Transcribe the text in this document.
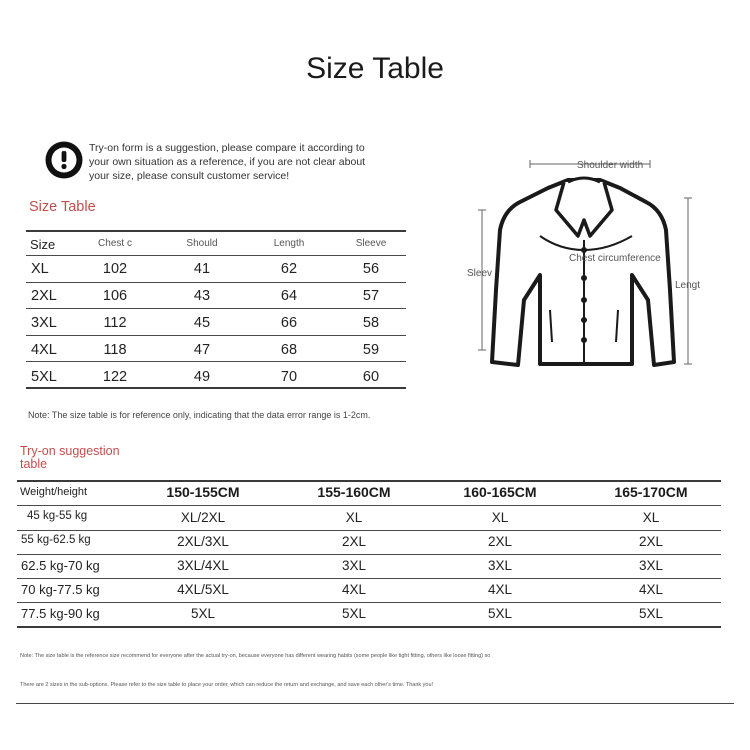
Size Table
Try-on form is a suggestion, please compare it according to your own situation as a reference, if you are not clear about your size, please consult customer service!
Size Table
Size	Chest c	Should	Length	Sleeve
XL	102	41	62	56
2XL	106	43	64	57
3XL	112	45	66	58
4XL	118	47	68	59
5XL	122	49	70	60
Note: The size table is for reference only, indicating that the data error range is 1-2cm.
Shoulder width
Chest circumference
Sleev
Lengt
Try-on suggestion table
Weight/height	150-155CM	155-160CM	160-165CM	165-170CM
45 kg-55 kg	XL/2XL	XL	XL	XL
55 kg-62.5 kg	2XL/3XL	2XL	2XL	2XL
62.5 kg-70 kg	3XL/4XL	3XL	3XL	3XL
70 kg-77.5 kg	4XL/5XL	4XL	4XL	4XL
77.5 kg-90 kg	5XL	5XL	5XL	5XL
Note: The size table is the reference size recommend for everyone after the actual try-on, because everyone has different wearing habits (some people like tight fitting, others like loose fitting) so
There are 2 sizes in the sub-options. Please refer to the size table to place your order, which can reduce the return and exchange, and save each other's time. Thank you!
